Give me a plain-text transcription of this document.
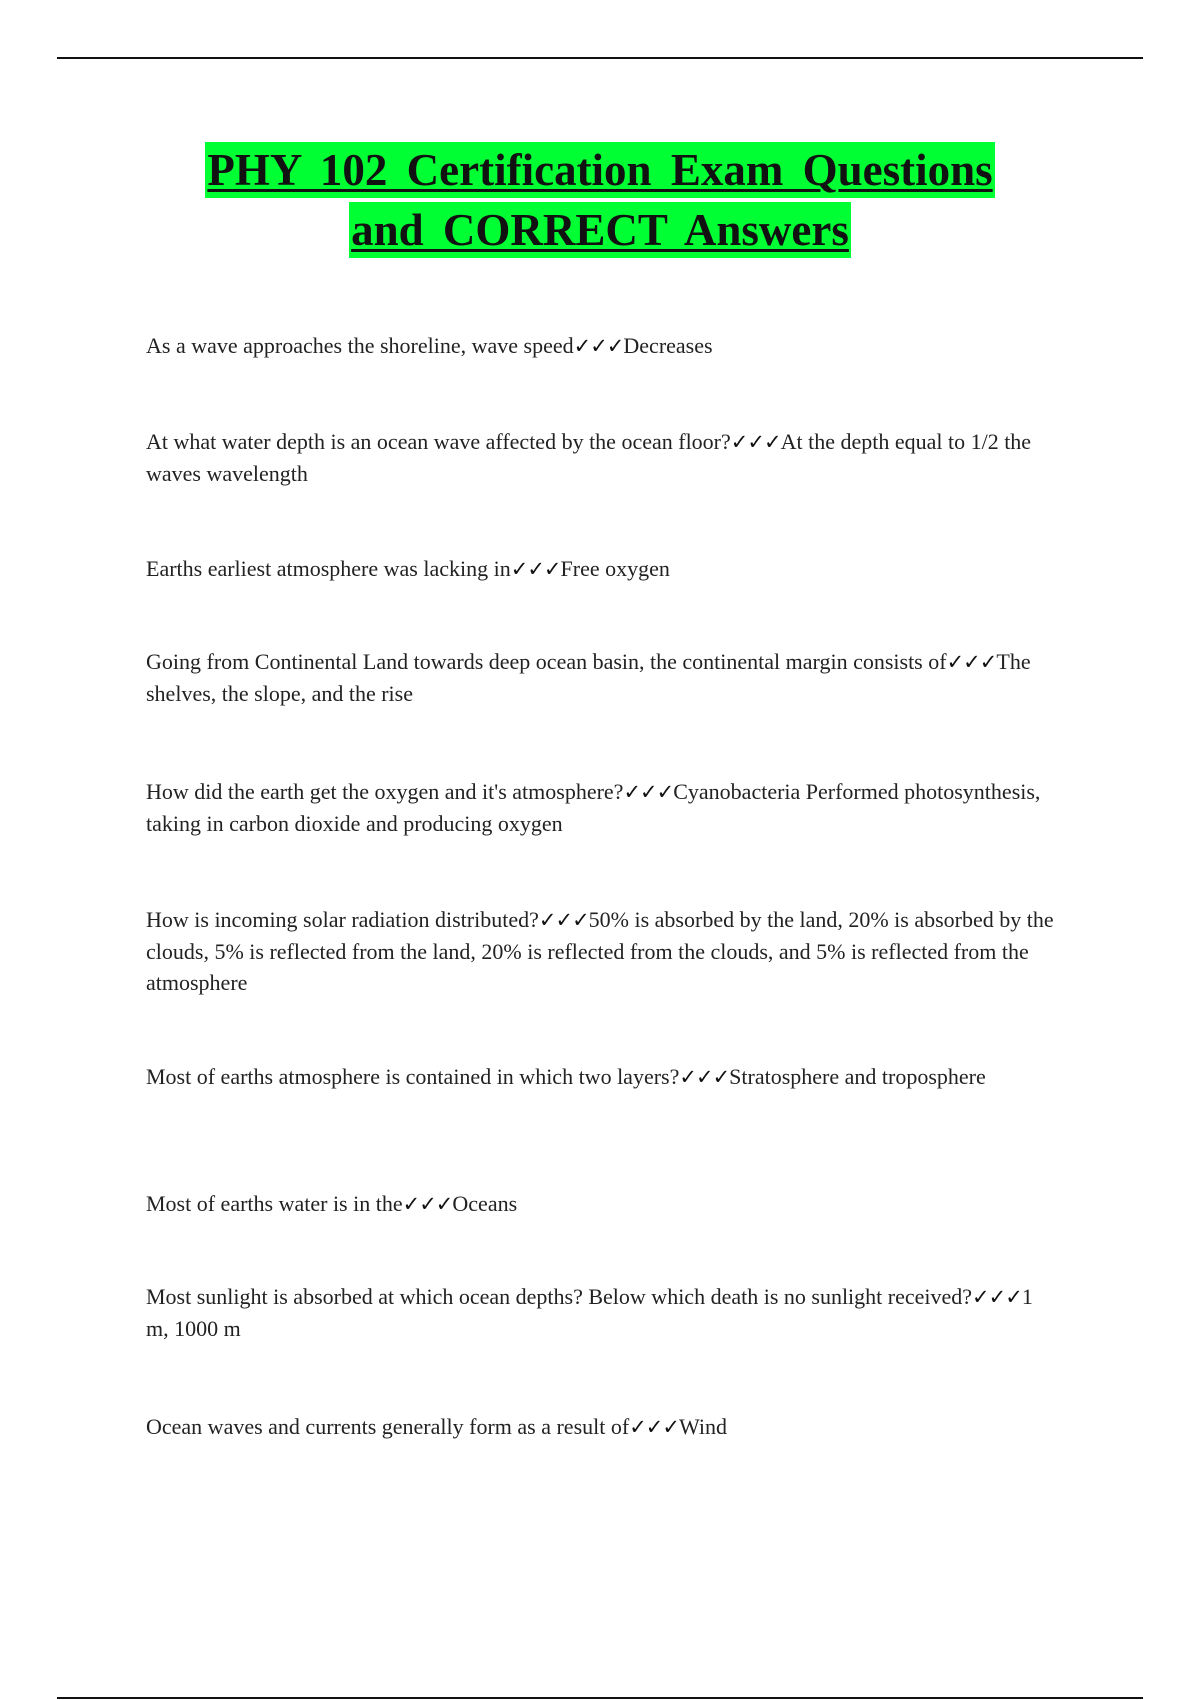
PHY 102 Certification Exam Questions
and CORRECT Answers

As a wave approaches the shoreline, wave speed✓✓✓Decreases

At what water depth is an ocean wave affected by the ocean floor?✓✓✓At the depth equal to 1/2 the waves wavelength

Earths earliest atmosphere was lacking in✓✓✓Free oxygen

Going from Continental Land towards deep ocean basin, the continental margin consists of✓✓✓The shelves, the slope, and the rise

How did the earth get the oxygen and it's atmosphere?✓✓✓Cyanobacteria Performed photosynthesis, taking in carbon dioxide and producing oxygen

How is incoming solar radiation distributed?✓✓✓50% is absorbed by the land, 20% is absorbed by the clouds, 5% is reflected from the land, 20% is reflected from the clouds, and 5% is reflected from the atmosphere

Most of earths atmosphere is contained in which two layers?✓✓✓Stratosphere and troposphere

Most of earths water is in the✓✓✓Oceans

Most sunlight is absorbed at which ocean depths? Below which death is no sunlight received?✓✓✓1 m, 1000 m

Ocean waves and currents generally form as a result of✓✓✓Wind
